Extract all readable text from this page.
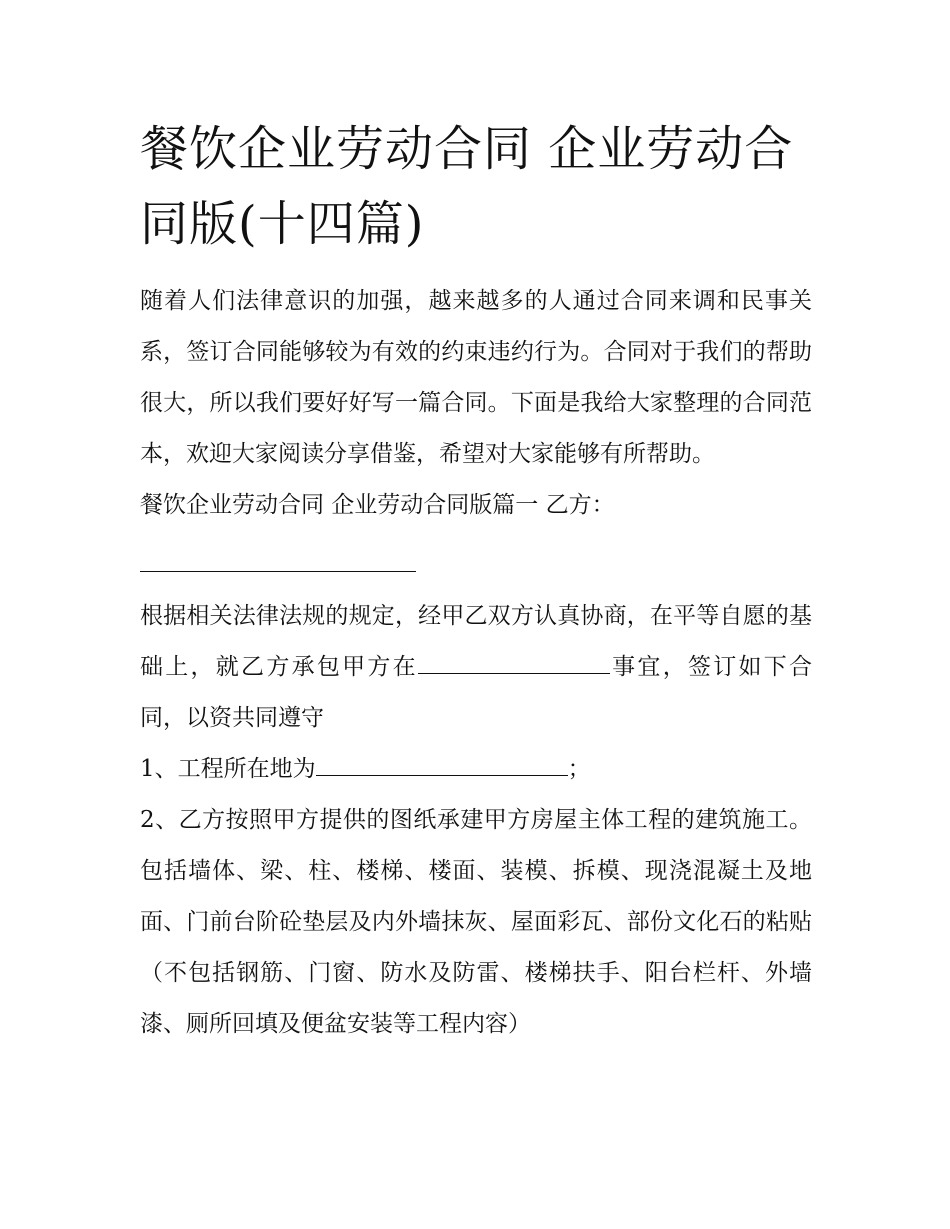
餐饮企业劳动合同 企业劳动合同版(十四篇)

随着人们法律意识的加强，越来越多的人通过合同来调和民事关系，签订合同能够较为有效的约束违约行为。合同对于我们的帮助很大，所以我们要好好写一篇合同。下面是我给大家整理的合同范本，欢迎大家阅读分享借鉴，希望对大家能够有所帮助。

餐饮企业劳动合同 企业劳动合同版篇一 乙方：

根据相关法律法规的规定，经甲乙双方认真协商，在平等自愿的基础上，就乙方承包甲方在	事宜，签订如下合同，以资共同遵守

1、工程所在地为	；

2、乙方按照甲方提供的图纸承建甲方房屋主体工程的建筑施工。包括墙体、梁、柱、楼梯、楼面、装模、拆模、现浇混凝土及地面、门前台阶砼垫层及内外墙抹灰、屋面彩瓦、部份文化石的粘贴（不包括钢筋、门窗、防水及防雷、楼梯扶手、阳台栏杆、外墙漆、厕所回填及便盆安装等工程内容）
